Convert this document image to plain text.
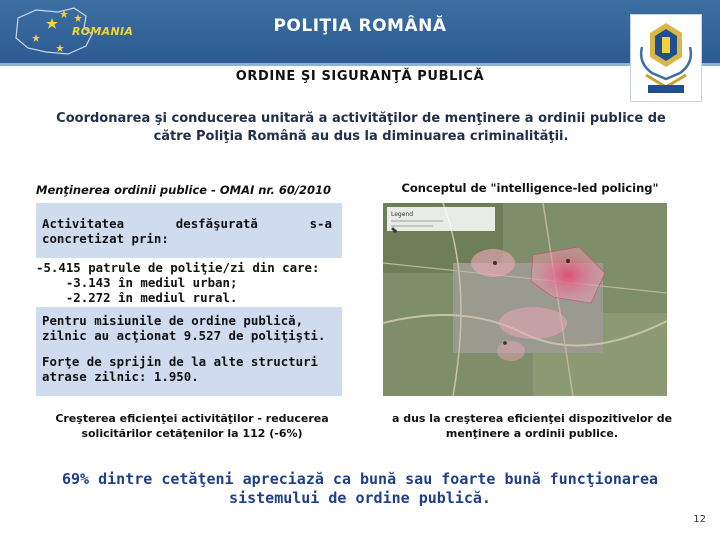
ROMANIA	POLIŢIA ROMÂNĂ
ORDINE ŞI SIGURANŢĂ PUBLICĂ
Coordonarea şi conducerea unitară a activităţilor de menţinere a ordinii publice de către Poliţia Română au dus la diminuarea criminalităţii.
Menţinerea ordinii publice - OMAI nr. 60/2010	Conceptul de "intelligence-led policing"
Activitatea	desfăşurată	s-a
concretizat prin:
-5.415 patrule de poliţie/zi din care:
-3.143 în mediul urban;
-2.272 în mediul rural.
Pentru misiunile de ordine publică, zilnic au acţionat 9.527 de poliţişti.
Forţe de sprijin de la alte structuri atrase zilnic: 1.950.
Legend
Creşterea eficienţei activităţilor - reducerea solicitărilor cetăţenilor la 112 (-6%)
a dus la creşterea eficienţei dispozitivelor de menţinere a ordinii publice.
69% dintre cetăţeni apreciază ca bună sau foarte bună funcţionarea sistemului de ordine publică.
12
